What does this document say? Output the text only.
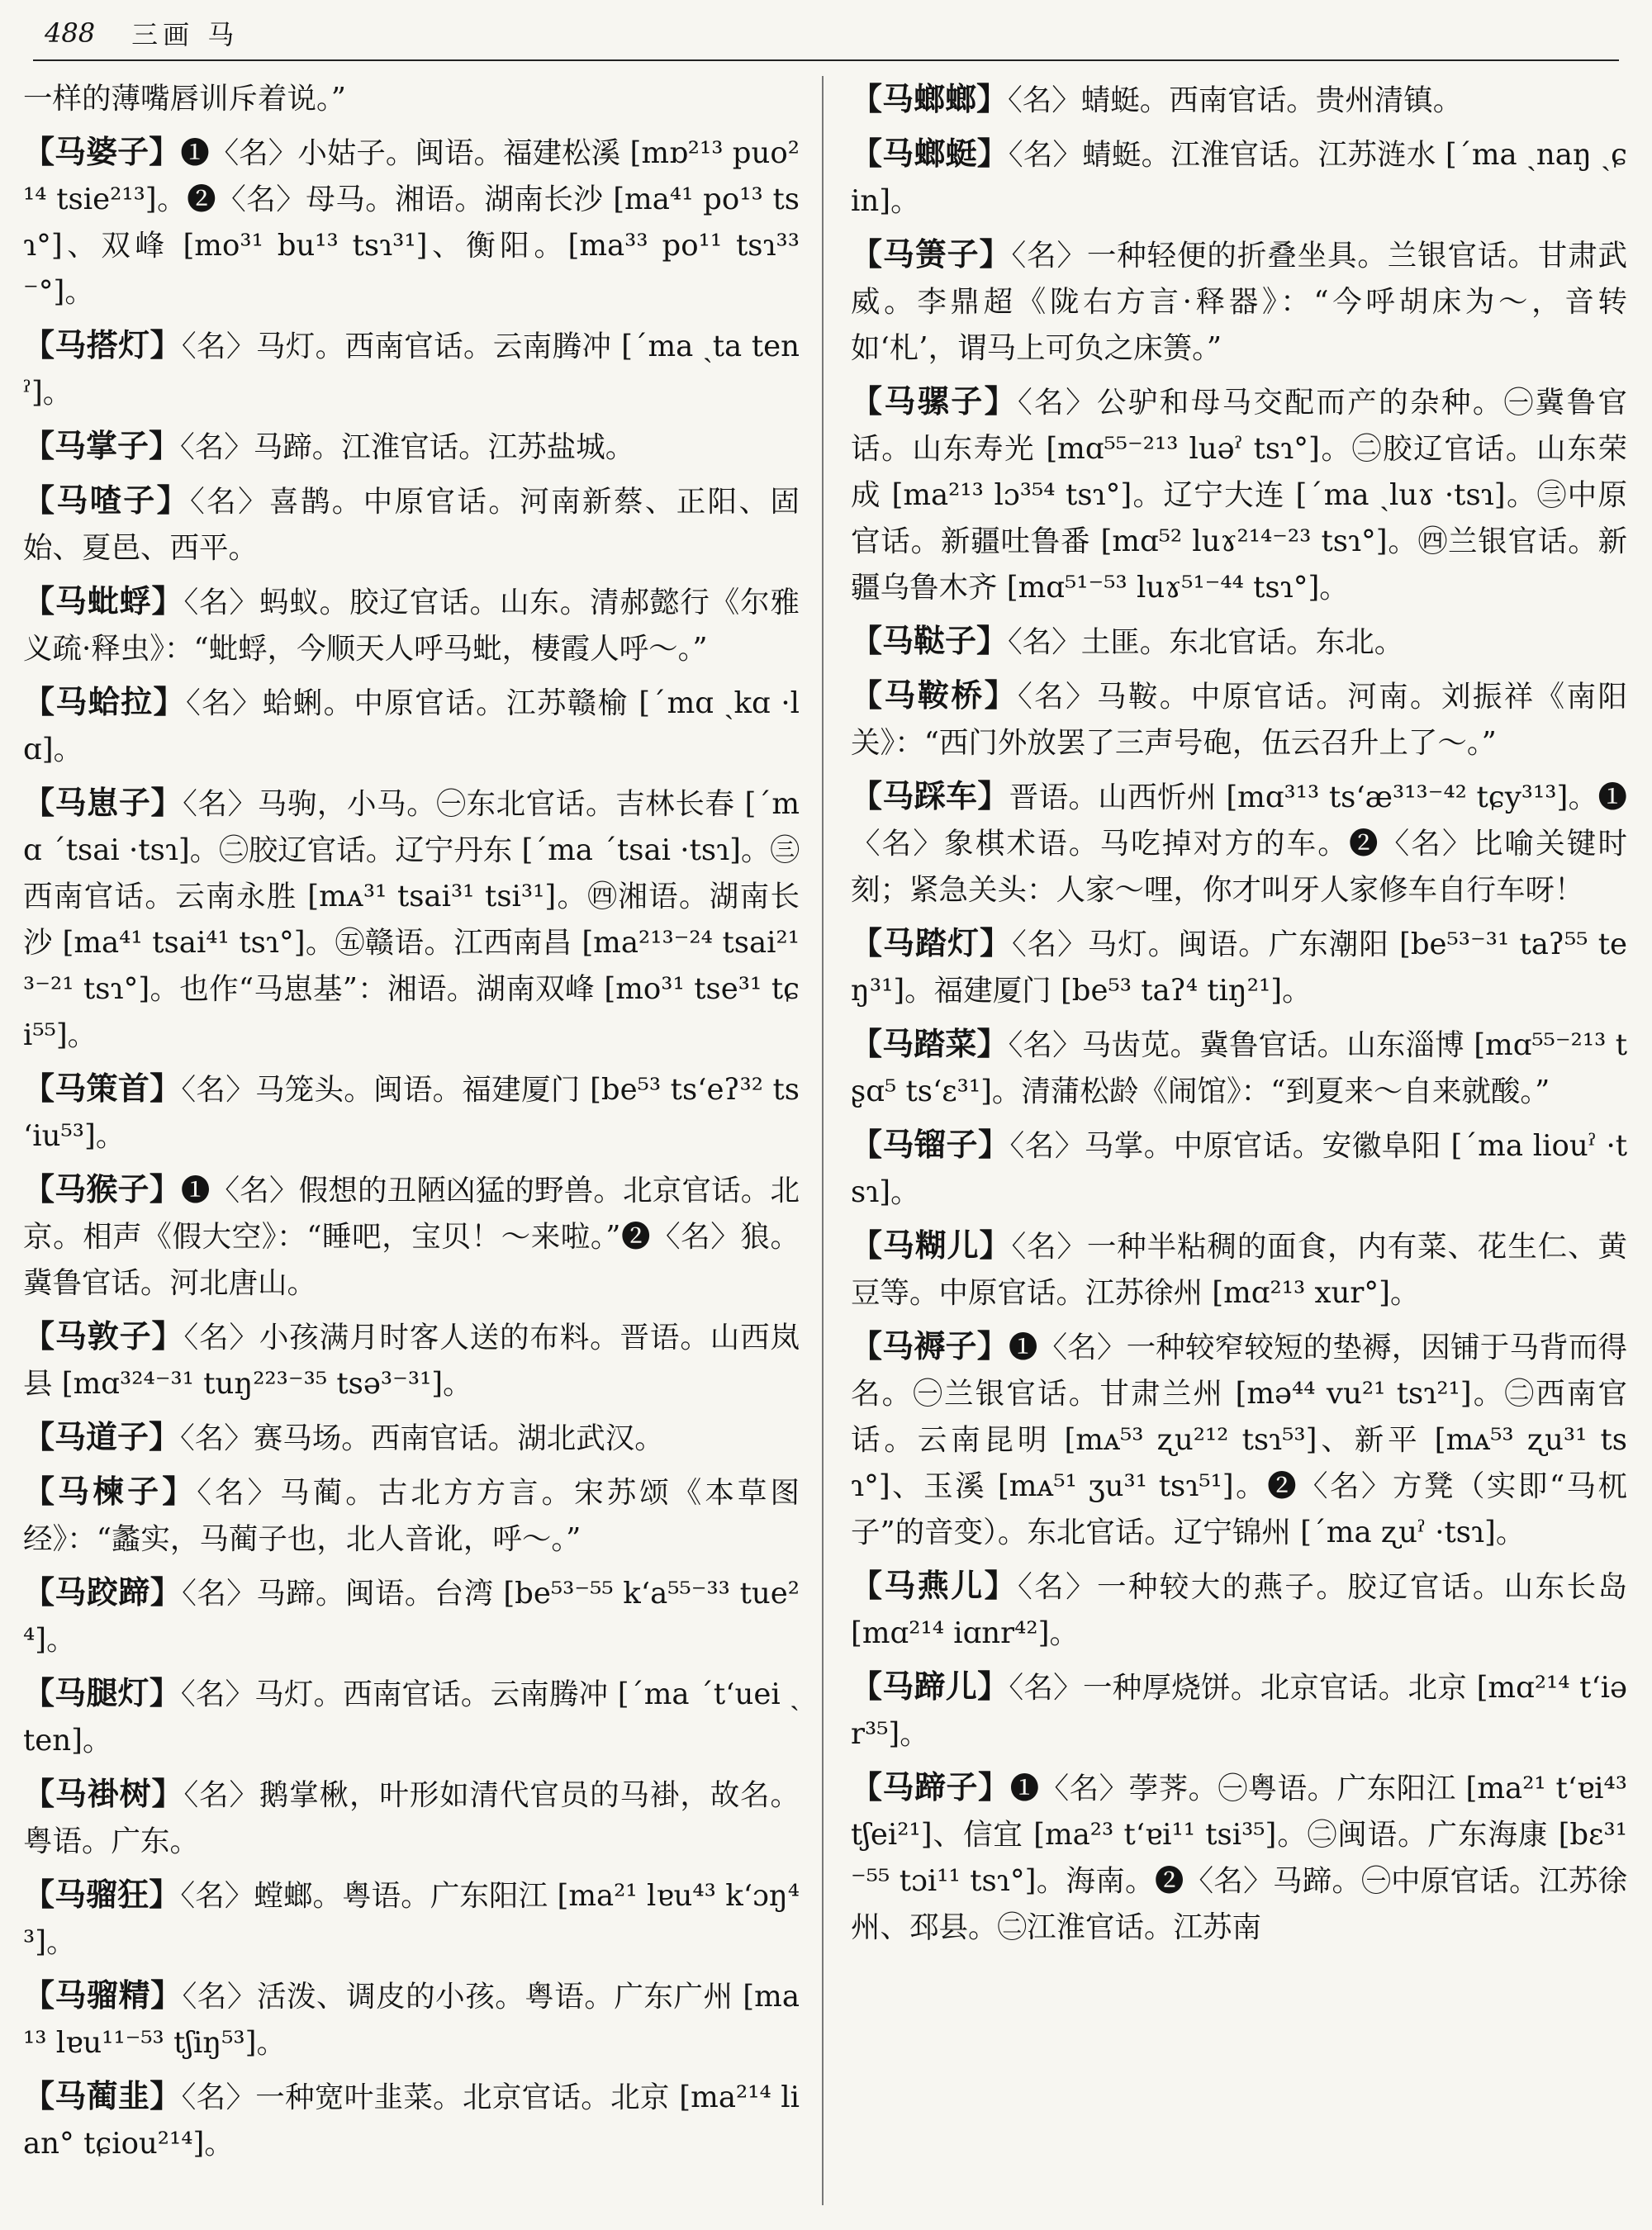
488 三画 马
一样的薄嘴唇训斥着说。”
【马婆子】❶〈名〉小姑子。闽语。福建松溪 [mɒ²¹³ puo²¹⁴ tsie²¹³]。❷〈名〉母马。湘语。湖南长沙 [ma⁴¹ po¹³ tsɿ°]、双峰 [mo³¹ bu¹³ tsɿ³¹]、衡阳。[ma³³ po¹¹ tsɿ³³⁻°]。
【马搭灯】〈名〉马灯。西南官话。云南腾冲 [ˊma ˏta tenˀ]。
【马掌子】〈名〉马蹄。江淮官话。江苏盐城。
【马喳子】〈名〉喜鹊。中原官话。河南新蔡、正阳、固始、夏邑、西平。
【马蚍蜉】〈名〉蚂蚁。胶辽官话。山东。清郝懿行《尔雅义疏·释虫》：“蚍蜉，今顺天人呼马蚍，棲霞人呼～。”
【马蛤拉】〈名〉蛤蜊。中原官话。江苏赣榆 [ˊmɑ ˏkɑ ·lɑ]。
【马崽子】〈名〉马驹，小马。㊀东北官话。吉林长春 [ˊmɑ ˊtsai ·tsɿ]。㊁胶辽官话。辽宁丹东 [ˊma ˊtsai ·tsɿ]。㊂西南官话。云南永胜 [mᴀ³¹ tsai³¹ tsi³¹]。㊃湘语。湖南长沙 [ma⁴¹ tsai⁴¹ tsɿ°]。㊄赣语。江西南昌 [ma²¹³⁻²⁴ tsai²¹³⁻²¹ tsɿ°]。也作“马崽基”：湘语。湖南双峰 [mo³¹ tse³¹ tɕi⁵⁵]。
【马策首】〈名〉马笼头。闽语。福建厦门 [be⁵³ tsʻeʔ³² tsʻiu⁵³]。
【马猴子】❶〈名〉假想的丑陋凶猛的野兽。北京官话。北京。相声《假大空》：“睡吧，宝贝！～来啦。”❷〈名〉狼。冀鲁官话。河北唐山。
【马敦子】〈名〉小孩满月时客人送的布料。晋语。山西岚县 [mɑ³²⁴⁻³¹ tuŋ²²³⁻³⁵ tsə³⁻³¹]。
【马道子】〈名〉赛马场。西南官话。湖北武汉。
【马楝子】〈名〉马蔺。古北方方言。宋苏颂《本草图经》：“蠡实，马蔺子也，北人音讹，呼～。”
【马跤蹄】〈名〉马蹄。闽语。台湾 [be⁵³⁻⁵⁵ kʻa⁵⁵⁻³³ tue²⁴]。
【马腿灯】〈名〉马灯。西南官话。云南腾冲 [ˊma ˊtʻuei ˏten]。
【马褂树】〈名〉鹅掌楸，叶形如清代官员的马褂，故名。粤语。广东。
【马骝狂】〈名〉螳螂。粤语。广东阳江 [ma²¹ lɐu⁴³ kʻɔŋ⁴³]。
【马骝精】〈名〉活泼、调皮的小孩。粤语。广东广州 [ma¹³ lɐu¹¹⁻⁵³ tʃiŋ⁵³]。
【马蔺韭】〈名〉一种宽叶韭菜。北京官话。北京 [ma²¹⁴ lian° tɕiou²¹⁴]。
【马螂螂】〈名〉蜻蜓。西南官话。贵州清镇。
【马螂蜓】〈名〉蜻蜓。江淮官话。江苏涟水 [ˊma ˏnaŋ ˏɕin]。
【马箦子】〈名〉一种轻便的折叠坐具。兰银官话。甘肃武威。李鼎超《陇右方言·释器》：“今呼胡床为～，音转如‘札’，谓马上可负之床箦。”
【马骡子】〈名〉公驴和母马交配而产的杂种。㊀冀鲁官话。山东寿光 [mɑ⁵⁵⁻²¹³ luəˀ tsɿ°]。㊁胶辽官话。山东荣成 [ma²¹³ lɔ³⁵⁴ tsɿ°]。辽宁大连 [ˊma ˏluɤ ·tsɿ]。㊂中原官话。新疆吐鲁番 [mɑ⁵² luɤ²¹⁴⁻²³ tsɿ°]。㊃兰银官话。新疆乌鲁木齐 [mɑ⁵¹⁻⁵³ luɤ⁵¹⁻⁴⁴ tsɿ°]。
【马鞑子】〈名〉土匪。东北官话。东北。
【马鞍桥】〈名〉马鞍。中原官话。河南。刘振祥《南阳关》：“西门外放罢了三声号砲，伍云召升上了～。”
【马踩车】晋语。山西忻州 [mɑ³¹³ tsʻæ³¹³⁻⁴² tɕy³¹³]。❶〈名〉象棋术语。马吃掉对方的车。❷〈名〉比喻关键时刻；紧急关头：人家～哩，你才叫牙人家修车自行车呀！
【马踏灯】〈名〉马灯。闽语。广东潮阳 [be⁵³⁻³¹ taʔ⁵⁵ teŋ³¹]。福建厦门 [be⁵³ taʔ⁴ tiŋ²¹]。
【马踏菜】〈名〉马齿苋。冀鲁官话。山东淄博 [mɑ⁵⁵⁻²¹³ tʂɑ⁵ tsʻɛ³¹]。清蒲松龄《闹馆》：“到夏来～自来就酸。”
【马镏子】〈名〉马掌。中原官话。安徽阜阳 [ˊma liouˀ ·tsɿ]。
【马糊儿】〈名〉一种半粘稠的面食，内有菜、花生仁、黄豆等。中原官话。江苏徐州 [mɑ²¹³ xur°]。
【马褥子】❶〈名〉一种较窄较短的垫褥，因铺于马背而得名。㊀兰银官话。甘肃兰州 [mə⁴⁴ vu²¹ tsɿ²¹]。㊁西南官话。云南昆明 [mᴀ⁵³ ʐu²¹² tsɿ⁵³]、新平 [mᴀ⁵³ ʐu³¹ tsɿ°]、玉溪 [mᴀ⁵¹ ʒu³¹ tsɿ⁵¹]。❷〈名〉方凳（实即“马杌子”的音变）。东北官话。辽宁锦州 [ˊma ʐuˀ ·tsɿ]。
【马燕儿】〈名〉一种较大的燕子。胶辽官话。山东长岛 [mɑ²¹⁴ iɑnr⁴²]。
【马蹄儿】〈名〉一种厚烧饼。北京官话。北京 [mɑ²¹⁴ tʻiər³⁵]。
【马蹄子】❶〈名〉荸荠。㊀粤语。广东阳江 [ma²¹ tʻɐi⁴³ tʃei²¹]、信宜 [ma²³ tʻɐi¹¹ tsi³⁵]。㊁闽语。广东海康 [bɛ³¹⁻⁵⁵ tɔi¹¹ tsɿ°]。海南。❷〈名〉马蹄。㊀中原官话。江苏徐州、邳县。㊁江淮官话。江苏南
